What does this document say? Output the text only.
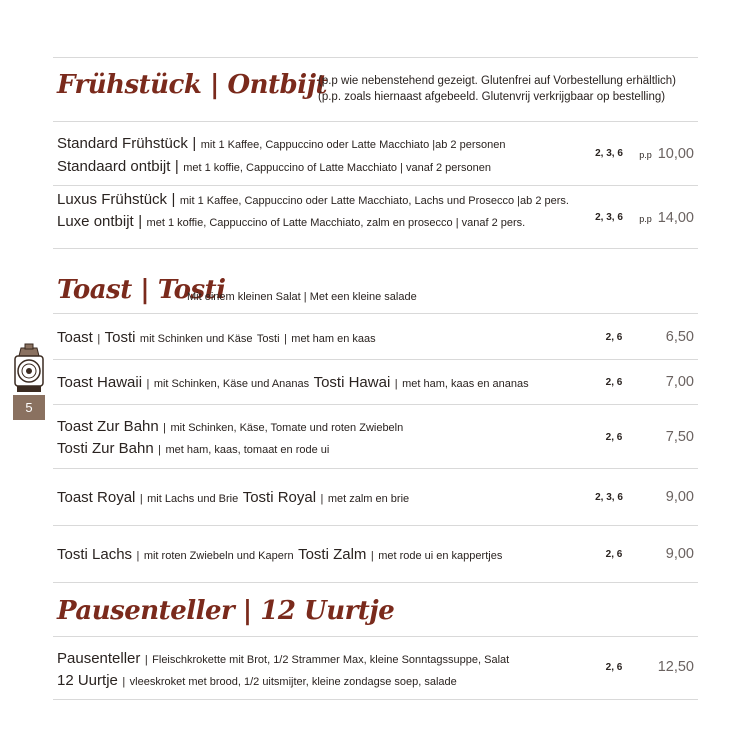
5
Frühstück | Ontbijt
(p.p wie nebenstehend gezeigt. Glutenfrei auf Vorbestellung erhältlich)
(p.p. zoals hiernaast afgebeeld. Glutenvrij verkrijgbaar op bestelling)
Standard Frühstück | mit 1 Kaffee, Cappuccino oder Latte Macchiato |ab 2 personen
Standaard ontbijt | met 1 koffie, Cappuccino of Latte Macchiato | vanaf 2 personen
2, 3, 6	p.p 10,00
Luxus Frühstück | mit 1 Kaffee, Cappuccino oder Latte Macchiato, Lachs und Prosecco |ab 2 pers.
Luxe ontbijt | met 1 koffie, Cappuccino of Latte Macchiato, zalm en prosecco | vanaf 2 pers.	2, 3, 6	p.p 14,00
Toast | Tosti
Mit einem kleinen Salat | Met een kleine salade
Toast | Tosti mit Schinken und Käse Tosti | met ham en kaas	2, 6	6,50
Toast Hawaii | mit Schinken, Käse und Ananas Tosti Hawai | met ham, kaas en ananas	2, 6	7,00
Toast Zur Bahn | mit Schinken, Käse, Tomate und roten Zwiebeln
Tosti Zur Bahn | met ham, kaas, tomaat en rode ui
2, 6	7,50
Toast Royal | mit Lachs und Brie Tosti Royal | met zalm en brie	2, 3, 6	9,00
Tosti Lachs | mit roten Zwiebeln und Kapern Tosti Zalm | met rode ui en kappertjes	2, 6	9,00
Pausenteller | 12 Uurtje
Pausenteller | Fleischkrokette mit Brot, 1/2 Strammer Max, kleine Sonntagssuppe, Salat
12 Uurtje | vleeskroket met brood, 1/2 uitsmijter, kleine zondagse soep, salade
2, 6	12,50
